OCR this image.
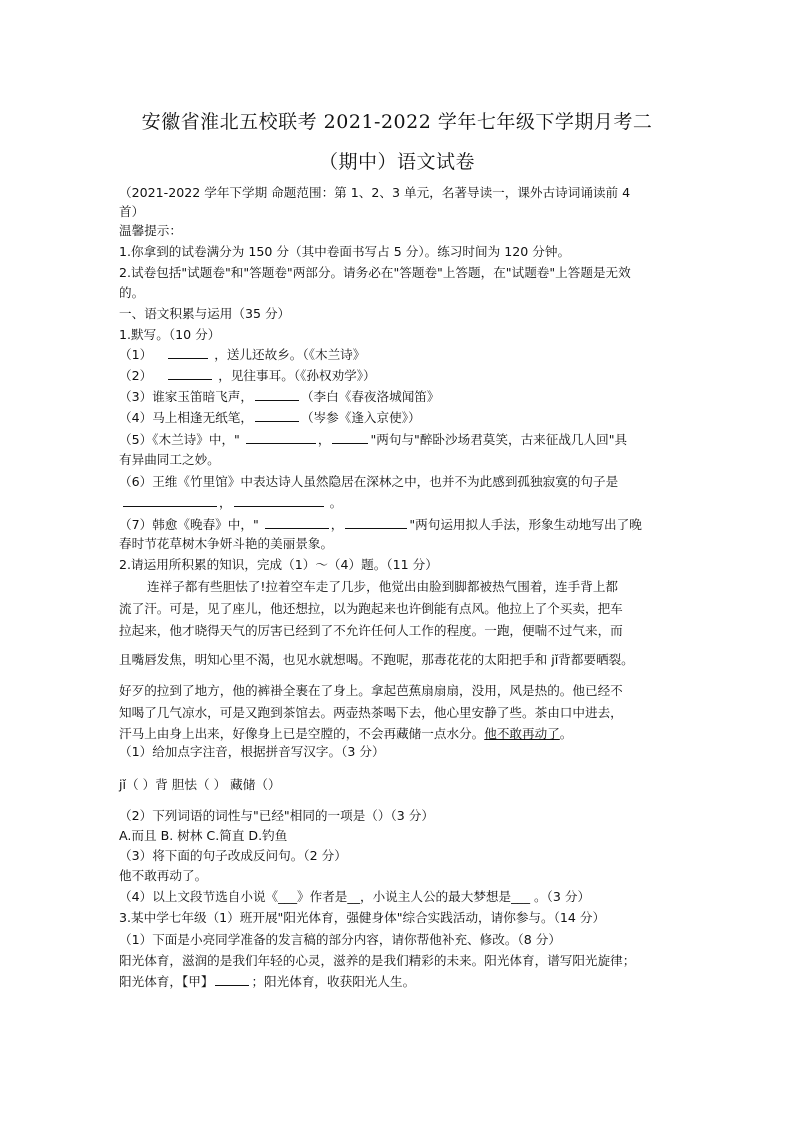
安徽省淮北五校联考 2021-2022 学年七年级下学期月考二
（期中）语文试卷
（2021-2022 学年下学期 命题范围：第 1、2、3 单元，名著导读一，课外古诗词诵读前 4
首）
温馨提示：
1.你拿到的试卷满分为 150 分（其中卷面书写占 5 分）。练习时间为 120 分钟。
2.试卷包括"试题卷"和"答题卷"两部分。请务必在"答题卷"上答题，在"试题卷"上答题是无效
的。
一、语文积累与运用（35 分）
1.默写。（10 分）
（1）	，送儿还故乡。（《木兰诗》
（2）	，见往事耳。（《孙权劝学》）
（3）谁家玉笛暗飞声，	（李白《春夜洛城闻笛》
（4）马上相逢无纸笔，	（岑参《逢入京使》）
（5）《木兰诗》中，"	，	"两句与"醉卧沙场君莫笑，古来征战几人回"具
有异曲同工之妙。
（6）王维《竹里馆》中表达诗人虽然隐居在深林之中，也并不为此感到孤独寂寞的句子是
，	。
（7）韩愈《晚春》中，"	，	"两句运用拟人手法，形象生动地写出了晚
春时节花草树木争妍斗艳的美丽景象。
2.请运用所积累的知识，完成（1）～（4）题。（11 分）
连祥子都有些胆怯了!拉着空车走了几步，他觉出由脸到脚都被热气围着，连手背上都
流了汗。可是，见了座儿，他还想拉，以为跑起来也许倒能有点风。他拉上了个买卖，把车
拉起来，他才晓得天气的厉害已经到了不允许任何人工作的程度。一跑，便喘不过气来，而
且嘴唇发焦，明知心里不渴，也见水就想喝。不跑呢，那毒花花的太阳把手和 jǐ背都要晒裂。
好歹的拉到了地方，他的裤褂全裹在了身上。拿起芭蕉扇扇扇，没用，风是热的。他已经不
知喝了几气凉水，可是又跑到茶馆去。两壶热茶喝下去，他心里安静了些。茶由口中进去，
汗马上由身上出来，好像身上已是空膛的，不会再藏储一点水分。他不敢再动了。
（1）给加点字注音，根据拼音写汉字。（3 分）
jǐ（ ）背 胆怯（ ） 藏储（）
（2）下列词语的词性与"已经"相同的一项是（）（3 分）
A.而且 B. 树林 C.简直 D.钓鱼
（3）将下面的句子改成反问句。（2 分）
他不敢再动了。
（4）以上文段节选自小说《___》作者是__，小说主人公的最大梦想是___ 。（3 分）
3.某中学七年级（1）班开展"阳光体育，强健身体"综合实践活动，请你参与。（14 分）
（1）下面是小亮同学准备的发言稿的部分内容，请你帮他补充、修改。（8 分）
阳光体育，滋润的是我们年轻的心灵，滋养的是我们精彩的未来。阳光体育，谱写阳光旋律；
阳光体育，【甲】	；阳光体育，收获阳光人生。
